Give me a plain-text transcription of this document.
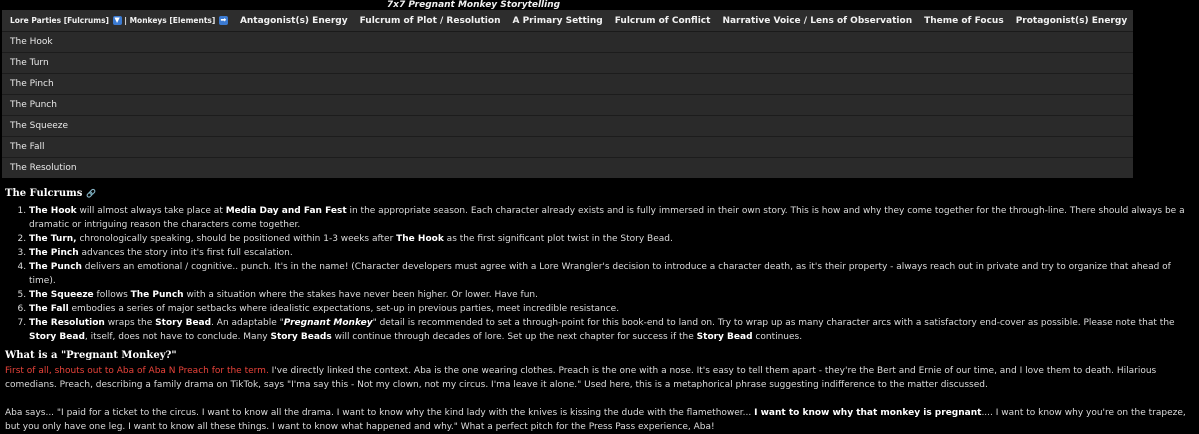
7x7 Pregnant Monkey Storytelling
Lore Parties [Fulcrums] ▼ | Monkeys [Elements] ➡	Antagonist(s) Energy	Fulcrum of Plot / Resolution	A Primary Setting	Fulcrum of Conflict	Narrative Voice / Lens of Observation	Theme of Focus	Protagonist(s) Energy
The Hook							
The Turn							
The Pinch							
The Punch							
The Squeeze							
The Fall							
The Resolution							

The Fulcrums 🔗

1. The Hook will almost always take place at Media Day and Fan Fest in the appropriate season. Each character already exists and is fully immersed in their own story. This is how and why they come together for the through-line. There should always be a dramatic or intriguing reason the characters come together.
2. The Turn, chronologically speaking, should be positioned within 1-3 weeks after The Hook as the first significant plot twist in the Story Bead.
3. The Pinch advances the story into it's first full escalation.
4. The Punch delivers an emotional / cognitive.. punch. It's in the name! (Character developers must agree with a Lore Wrangler's decision to introduce a character death, as it's their property - always reach out in private and try to organize that ahead of time).
5. The Squeeze follows The Punch with a situation where the stakes have never been higher. Or lower. Have fun.
6. The Fall embodies a series of major setbacks where idealistic expectations, set-up in previous parties, meet incredible resistance.
7. The Resolution wraps the Story Bead. An adaptable "Pregnant Monkey" detail is recommended to set a through-point for this book-end to land on. Try to wrap up as many character arcs with a satisfactory end-cover as possible. Please note that the Story Bead, itself, does not have to conclude. Many Story Beads will continue through decades of lore. Set up the next chapter for success if the Story Bead continues.

What is a "Pregnant Monkey?"

First of all, shouts out to Aba of Aba N Preach for the term. I've directly linked the context. Aba is the one wearing clothes. Preach is the one with a nose. It's easy to tell them apart - they're the Bert and Ernie of our time, and I love them to death. Hilarious comedians. Preach, describing a family drama on TikTok, says "I'ma say this - Not my clown, not my circus. I'ma leave it alone." Used here, this is a metaphorical phrase suggesting indifference to the matter discussed.

Aba says... "I paid for a ticket to the circus. I want to know all the drama. I want to know why the kind lady with the knives is kissing the dude with the flamethower... I want to know why that monkey is pregnant.... I want to know why you're on the trapeze, but you only have one leg. I want to know all these things. I want to know what happened and why." What a perfect pitch for the Press Pass experience, Aba!
